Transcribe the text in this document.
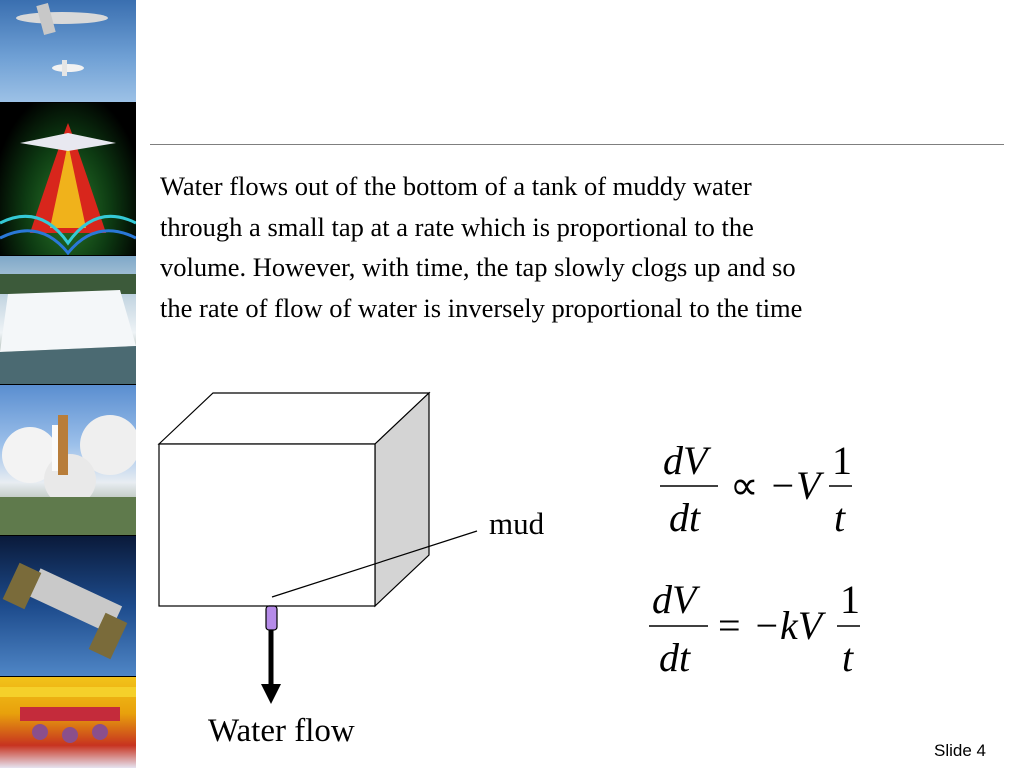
Water flows out of the bottom of a tank of muddy water
through a small tap at a rate which is proportional to the
volume. However, with time, the tap slowly clogs up and so
the rate of flow of water is inversely proportional to the time

mud

Water flow

dV
dt
∝ −V
1
t
dV
dt
= −kV
1
t
Slide 4
